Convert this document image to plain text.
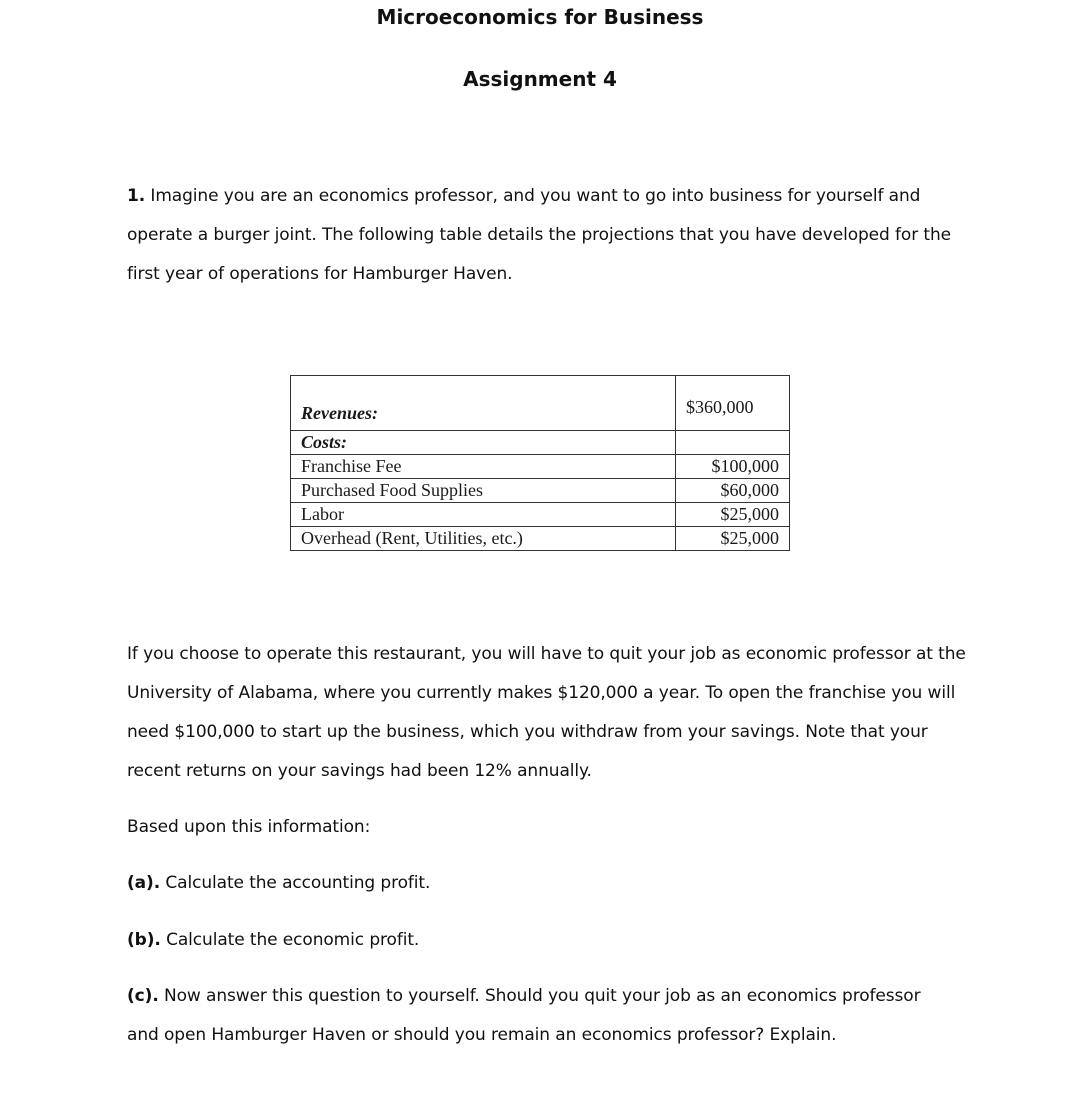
Microeconomics for Business
Assignment 4

1. Imagine you are an economics professor, and you want to go into business for yourself and operate a burger joint. The following table details the projections that you have developed for the first year of operations for Hamburger Haven.

Revenues:	$360,000
Costs:	
Franchise Fee	$100,000
Purchased Food Supplies	$60,000
Labor	$25,000
Overhead (Rent, Utilities, etc.)	$25,000

If you choose to operate this restaurant, you will have to quit your job as economic professor at the University of Alabama, where you currently makes $120,000 a year. To open the franchise you will need $100,000 to start up the business, which you withdraw from your savings. Note that your recent returns on your savings had been 12% annually.

Based upon this information:

(a). Calculate the accounting profit.

(b). Calculate the economic profit.

(c). Now answer this question to yourself. Should you quit your job as an economics professor and open Hamburger Haven or should you remain an economics professor? Explain.
